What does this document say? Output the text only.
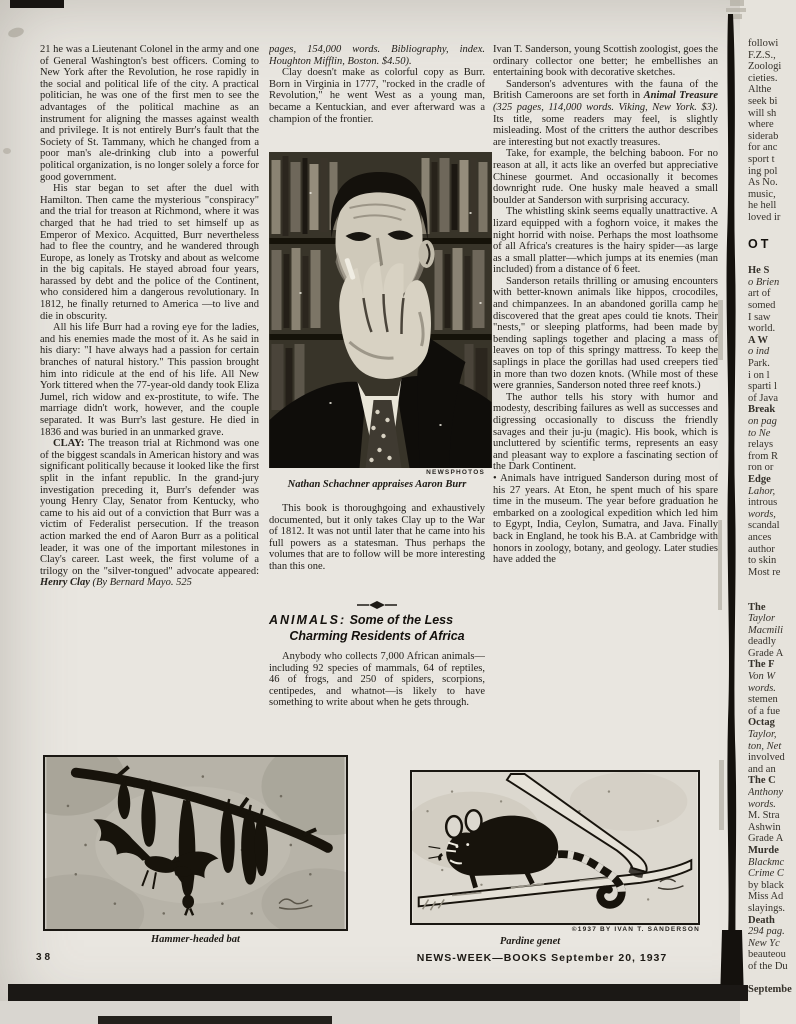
21 he was a Lieutenant Colonel in the army and one of General Washington's best officers. Coming to New York after the Revolution, he rose rapidly in the social and political life of the city. A practical politician, he was one of the first men to see the advantages of the political machine as an instrument for aligning the masses against wealth and privilege. It is not entirely Burr's fault that the Society of St. Tammany, which he changed from a poor man's ale-drinking club into a powerful political organization, is no longer solely a force for good government.

His star began to set after the duel with Hamilton. Then came the mysterious "conspiracy" and the trial for treason at Richmond, where it was charged that he had tried to set himself up as Emperor of Mexico. Acquitted, Burr nevertheless had to flee the country, and he wandered through Europe, as lonely as Trotsky and about as welcome in the big capitals. He stayed abroad four years, harassed by debt and the police of the Continent, who considered him a dangerous revolutionary. In 1812, he finally returned to America —to live and die in obscurity.

All his life Burr had a roving eye for the ladies, and his enemies made the most of it. As he said in his diary: "I have always had a passion for certain branches of natural history." This passion brought him into ridicule at the end of his life. All New York tittered when the 77-year-old dandy took Eliza Jumel, rich widow and ex-prostitute, to wife. The marriage didn't work, however, and the couple separated. It was Burr's last gesture. He died in 1836 and was buried in an unmarked grave.

CLAY: The treason trial at Richmond was one of the biggest scandals in American history and was significant politically because it looked like the first split in the infant republic. In the grand-jury investigation preceding it, Burr's defender was young Henry Clay, Senator from Kentucky, who came to his aid out of a conviction that Burr was a victim of Federalist persecution. If the treason action marked the end of Aaron Burr as a political leader, it was one of the important milestones in Clay's career. Last week, the first volume of a trilogy on the "silver-tongued" advocate appeared: Henry Clay (By Bernard Mayo. 525

pages, 154,000 words. Bibliography, index. Houghton Mifflin, Boston. $4.50).

Clay doesn't make as colorful copy as Burr. Born in Virginia in 1777, "rocked in the cradle of Revolution," he went West as a young man, became a Kentuckian, and ever afterward was a champion of the frontier.

NEWSPHOTOS
Nathan Schachner appraises Aaron Burr

This book is thoroughgoing and exhaustively documented, but it only takes Clay up to the War of 1812. It was not until later that he came into his full powers as a statesman. Thus perhaps the volumes that are to follow will be more interesting than this one.

ANIMALS: Some of the Less
Charming Residents of Africa

Anybody who collects 7,000 African animals—including 92 species of mammals, 64 of reptiles, 46 of frogs, and 250 of spiders, scorpions, centipedes, and whatnot—is likely to have something to write about when he gets through.

Ivan T. Sanderson, young Scottish zoologist, goes the ordinary collector one better; he embellishes an entertaining book with decorative sketches.

Sanderson's adventures with the fauna of the British Cameroons are set forth in Animal Treasure (325 pages, 114,000 words. Viking, New York. $3). Its title, some readers may feel, is slightly misleading. Most of the critters the author describes are interesting but not exactly treasures.

Take, for example, the belching baboon. For no reason at all, it acts like an overfed but appreciative Chinese gourmet. And occasionally it becomes downright rude. One husky male heaved a small boulder at Sanderson with surprising accuracy.

The whistling skink seems equally unattractive. A lizard equipped with a foghorn voice, it makes the night horrid with noise. Perhaps the most loathsome of all Africa's creatures is the hairy spider—as large as a small platter—which jumps at its enemies (man included) from a distance of 6 feet.

Sanderson retails thrilling or amusing encounters with better-known animals like hippos, crocodiles, and chimpanzees. In an abandoned gorilla camp he discovered that the great apes could tie knots. Their "nests," or sleeping platforms, had been made by bending saplings together and placing a mass of leaves on top of this springy mattress. To keep the saplings in place the gorillas had used creepers tied in more than two dozen knots. (While most of these were grannies, Sanderson noted three reef knots.)

The author tells his story with humor and modesty, describing failures as well as successes and digressing occasionally to discuss the friendly savages and their ju-ju (magic). His book, which is uncluttered by scientific terms, represents an easy and pleasant way to explore a fascinating section of the Dark Continent.

• Animals have intrigued Sanderson during most of his 27 years. At Eton, he spent much of his spare time in the museum. The year before graduation he embarked on a zoological expedition which led him to Egypt, India, Ceylon, Sumatra, and Java. Finally back in England, he took his B.A. at Cambridge with honors in zoology, botany, and geology. Later studies have added the

Hammer-headed bat
©1937 BY IVAN T. SANDERSON
Pardine genet
38	NEWS-WEEK—BOOKS September 20, 1937
followi
F.Z.S.,
Zoologi
cieties.
Althe
seek bi
will sh
where
siderab
for anc
sport t
ing pol
As No.
music,
he hell
loved ir

OT

He S
o Brien
art of
somed
I saw
world.
A W
o ind
Park.
i on l
sparti l
of Java
Break
on pag
to Ne
relays
from R
ron or
Edge
Lahor,
introus
words,
scandal
ances
author
to skin
Most re

The
Taylor
Macmili
deadly
Grade A
The F
Von W
words.
stemen
of a fue
Octag
Taylor,
ton, Net
involved
and an
The C
Anthony
words.
M. Stra
Ashwin
Grade A
Murde
Blackmc
Crime C
by black
Miss Ad
slayings.
Death
294 pag.
New Yc
beauteou
of the Du

Septembe
